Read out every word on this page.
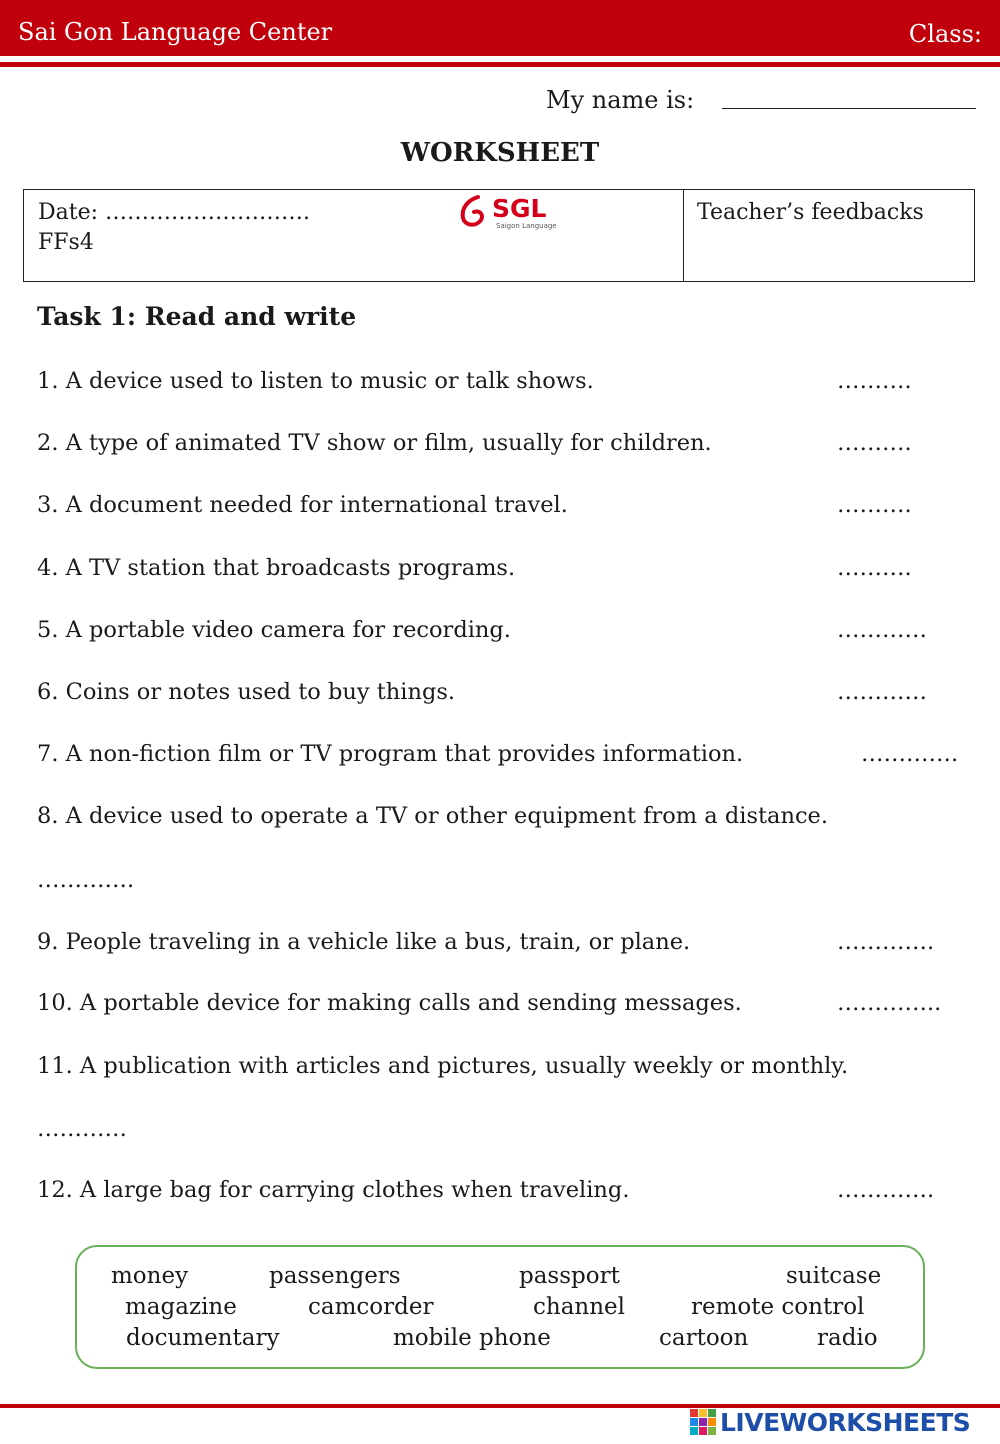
Sai Gon Language Center	Class:
My name is:
WORKSHEET
Date: ……………………….
FFs4
SGL
Saigon Language
Teacher’s feedbacks
Task 1: Read and write
1. A device used to listen to music or talk shows.	……….
2. A type of animated TV show or film, usually for children.	……….
3. A document needed for international travel.	……….
4. A TV station that broadcasts programs.	……….
5. A portable video camera for recording.	…………
6. Coins or notes used to buy things.	…………
7. A non-fiction film or TV program that provides information.	………….
8. A device used to operate a TV or other equipment from a distance.
………….
9. People traveling in a vehicle like a bus, train, or plane.	………….
10. A portable device for making calls and sending messages.	…………..
11. A publication with articles and pictures, usually weekly or monthly.
…………
12. A large bag for carrying clothes when traveling.	………….
money	passengers	passport	suitcase
magazine	camcorder	channel	remote control
documentary	mobile phone	cartoon	radio
LIVEWORKSHEETS
